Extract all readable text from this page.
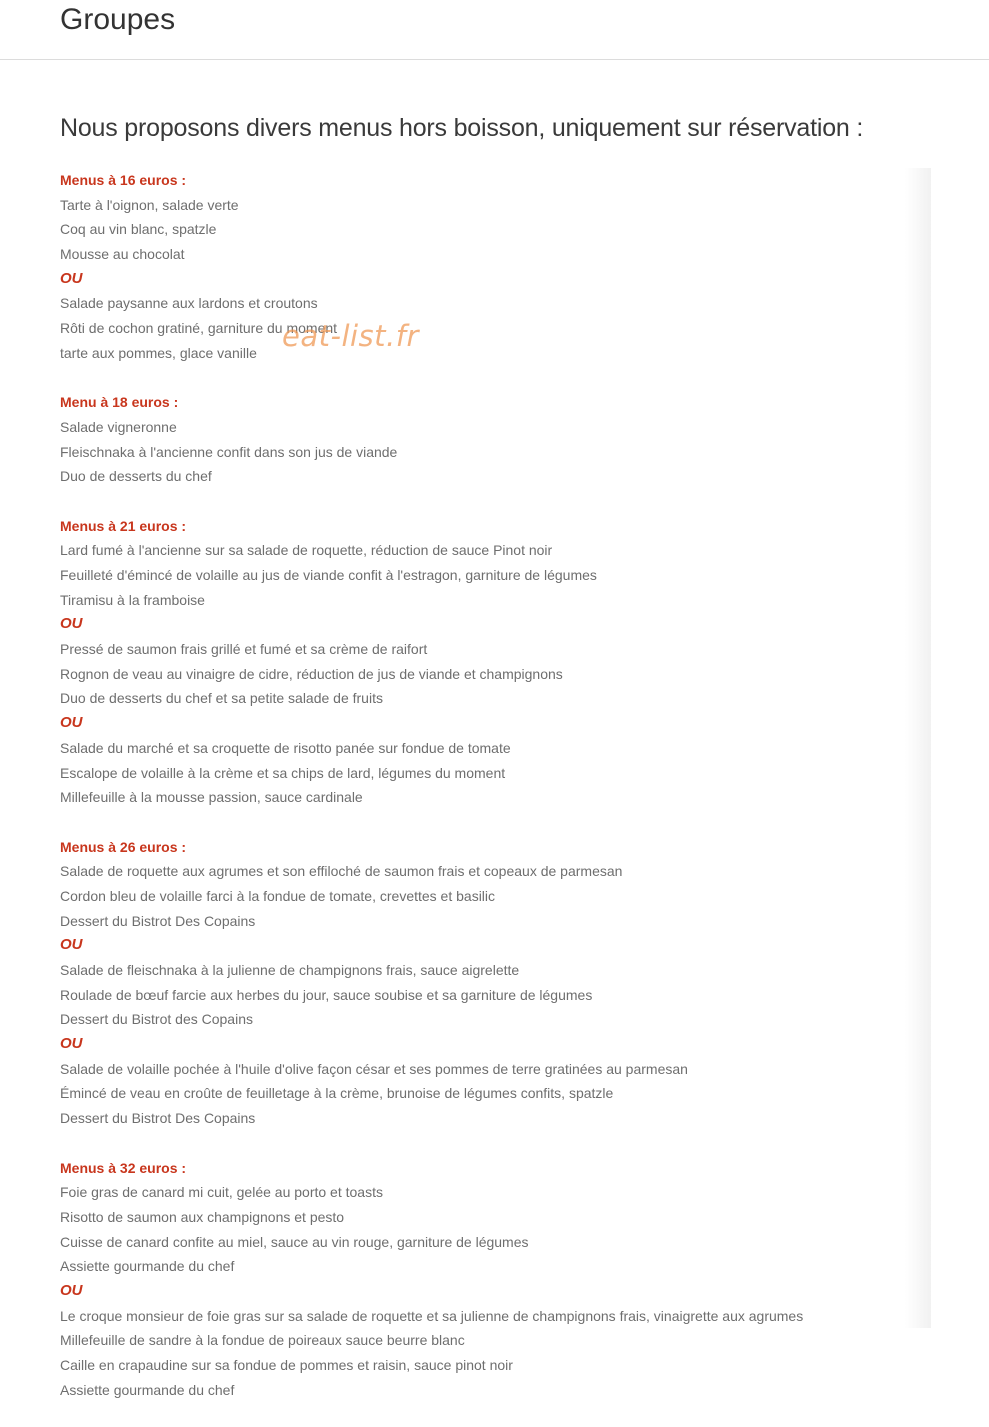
Groupes
Nous proposons divers menus hors boisson, uniquement sur réservation :
Menus à 16 euros :
Tarte à l'oignon, salade verte
Coq au vin blanc, spatzle
Mousse au chocolat
OU
Salade paysanne aux lardons et croutons
Rôti de cochon gratiné, garniture du moment
tarte aux pommes, glace vanille
Menu à 18 euros :
Salade vigneronne
Fleischnaka à l'ancienne confit dans son jus de viande
Duo de desserts du chef
Menus à 21 euros :
Lard fumé à l'ancienne sur sa salade de roquette, réduction de sauce Pinot noir
Feuilleté d'émincé de volaille au jus de viande confit à l'estragon, garniture de légumes
Tiramisu à la framboise
OU
Pressé de saumon frais grillé et fumé et sa crème de raifort
Rognon de veau au vinaigre de cidre, réduction de jus de viande et champignons
Duo de desserts du chef et sa petite salade de fruits
OU
Salade du marché et sa croquette de risotto panée sur fondue de tomate
Escalope de volaille à la crème et sa chips de lard, légumes du moment
Millefeuille à la mousse passion, sauce cardinale
Menus à 26 euros :
Salade de roquette aux agrumes et son effiloché de saumon frais et copeaux de parmesan
Cordon bleu de volaille farci à la fondue de tomate, crevettes et basilic
Dessert du Bistrot Des Copains
OU
Salade de fleischnaka à la julienne de champignons frais, sauce aigrelette
Roulade de bœuf farcie aux herbes du jour, sauce soubise et sa garniture de légumes
Dessert du Bistrot des Copains
OU
Salade de volaille pochée à l'huile d'olive façon césar et ses pommes de terre gratinées au parmesan
Émincé de veau en croûte de feuilletage à la crème, brunoise de légumes confits, spatzle
Dessert du Bistrot Des Copains
Menus à 32 euros :
Foie gras de canard mi cuit, gelée au porto et toasts
Risotto de saumon aux champignons et pesto
Cuisse de canard confite au miel, sauce au vin rouge, garniture de légumes
Assiette gourmande du chef
OU
Le croque monsieur de foie gras sur sa salade de roquette et sa julienne de champignons frais, vinaigrette aux agrumes
Millefeuille de sandre à la fondue de poireaux sauce beurre blanc
Caille en crapaudine sur sa fondue de pommes et raisin, sauce pinot noir
Assiette gourmande du chef
eat-list.fr
